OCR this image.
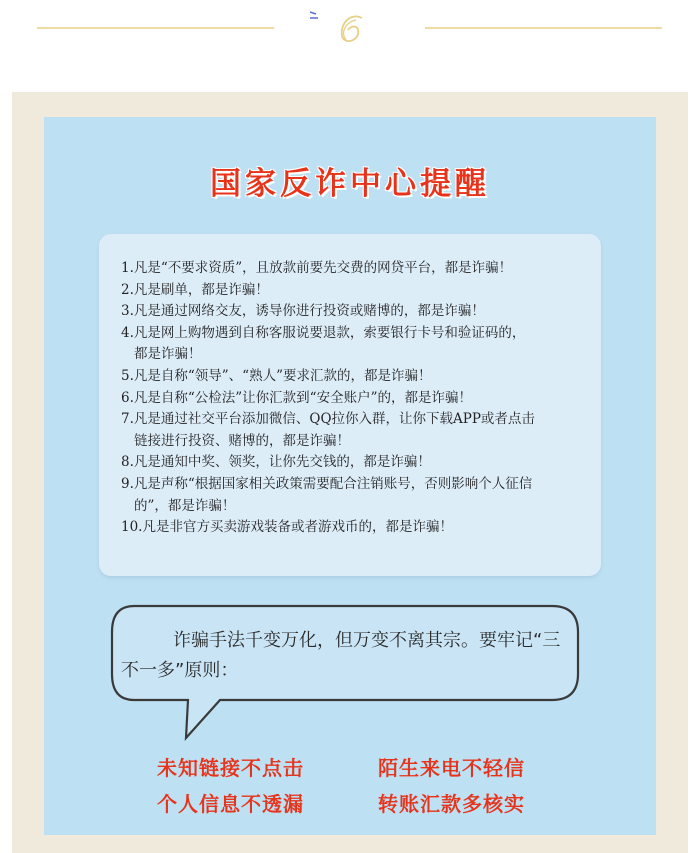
国家反诈中心提醒
1.凡是“不要求资质”，且放款前要先交费的网贷平台，都是诈骗！
2.凡是刷单，都是诈骗！
3.凡是通过网络交友，诱导你进行投资或赌博的，都是诈骗！
4.凡是网上购物遇到自称客服说要退款，索要银行卡号和验证码的，
都是诈骗！
5.凡是自称“领导”、“熟人”要求汇款的，都是诈骗！
6.凡是自称“公检法”让你汇款到“安全账户”的，都是诈骗！
7.凡是通过社交平台添加微信、QQ拉你入群，让你下载APP或者点击
链接进行投资、赌博的，都是诈骗！
8.凡是通知中奖、领奖，让你先交钱的，都是诈骗！
9.凡是声称“根据国家相关政策需要配合注销账号，否则影响个人征信
的”，都是诈骗！
10.凡是非官方买卖游戏装备或者游戏币的，都是诈骗！
诈骗手法千变万化，但万变不离其宗。要牢记“三不一多”原则：
未知链接不点击	陌生来电不轻信
个人信息不透漏	转账汇款多核实
